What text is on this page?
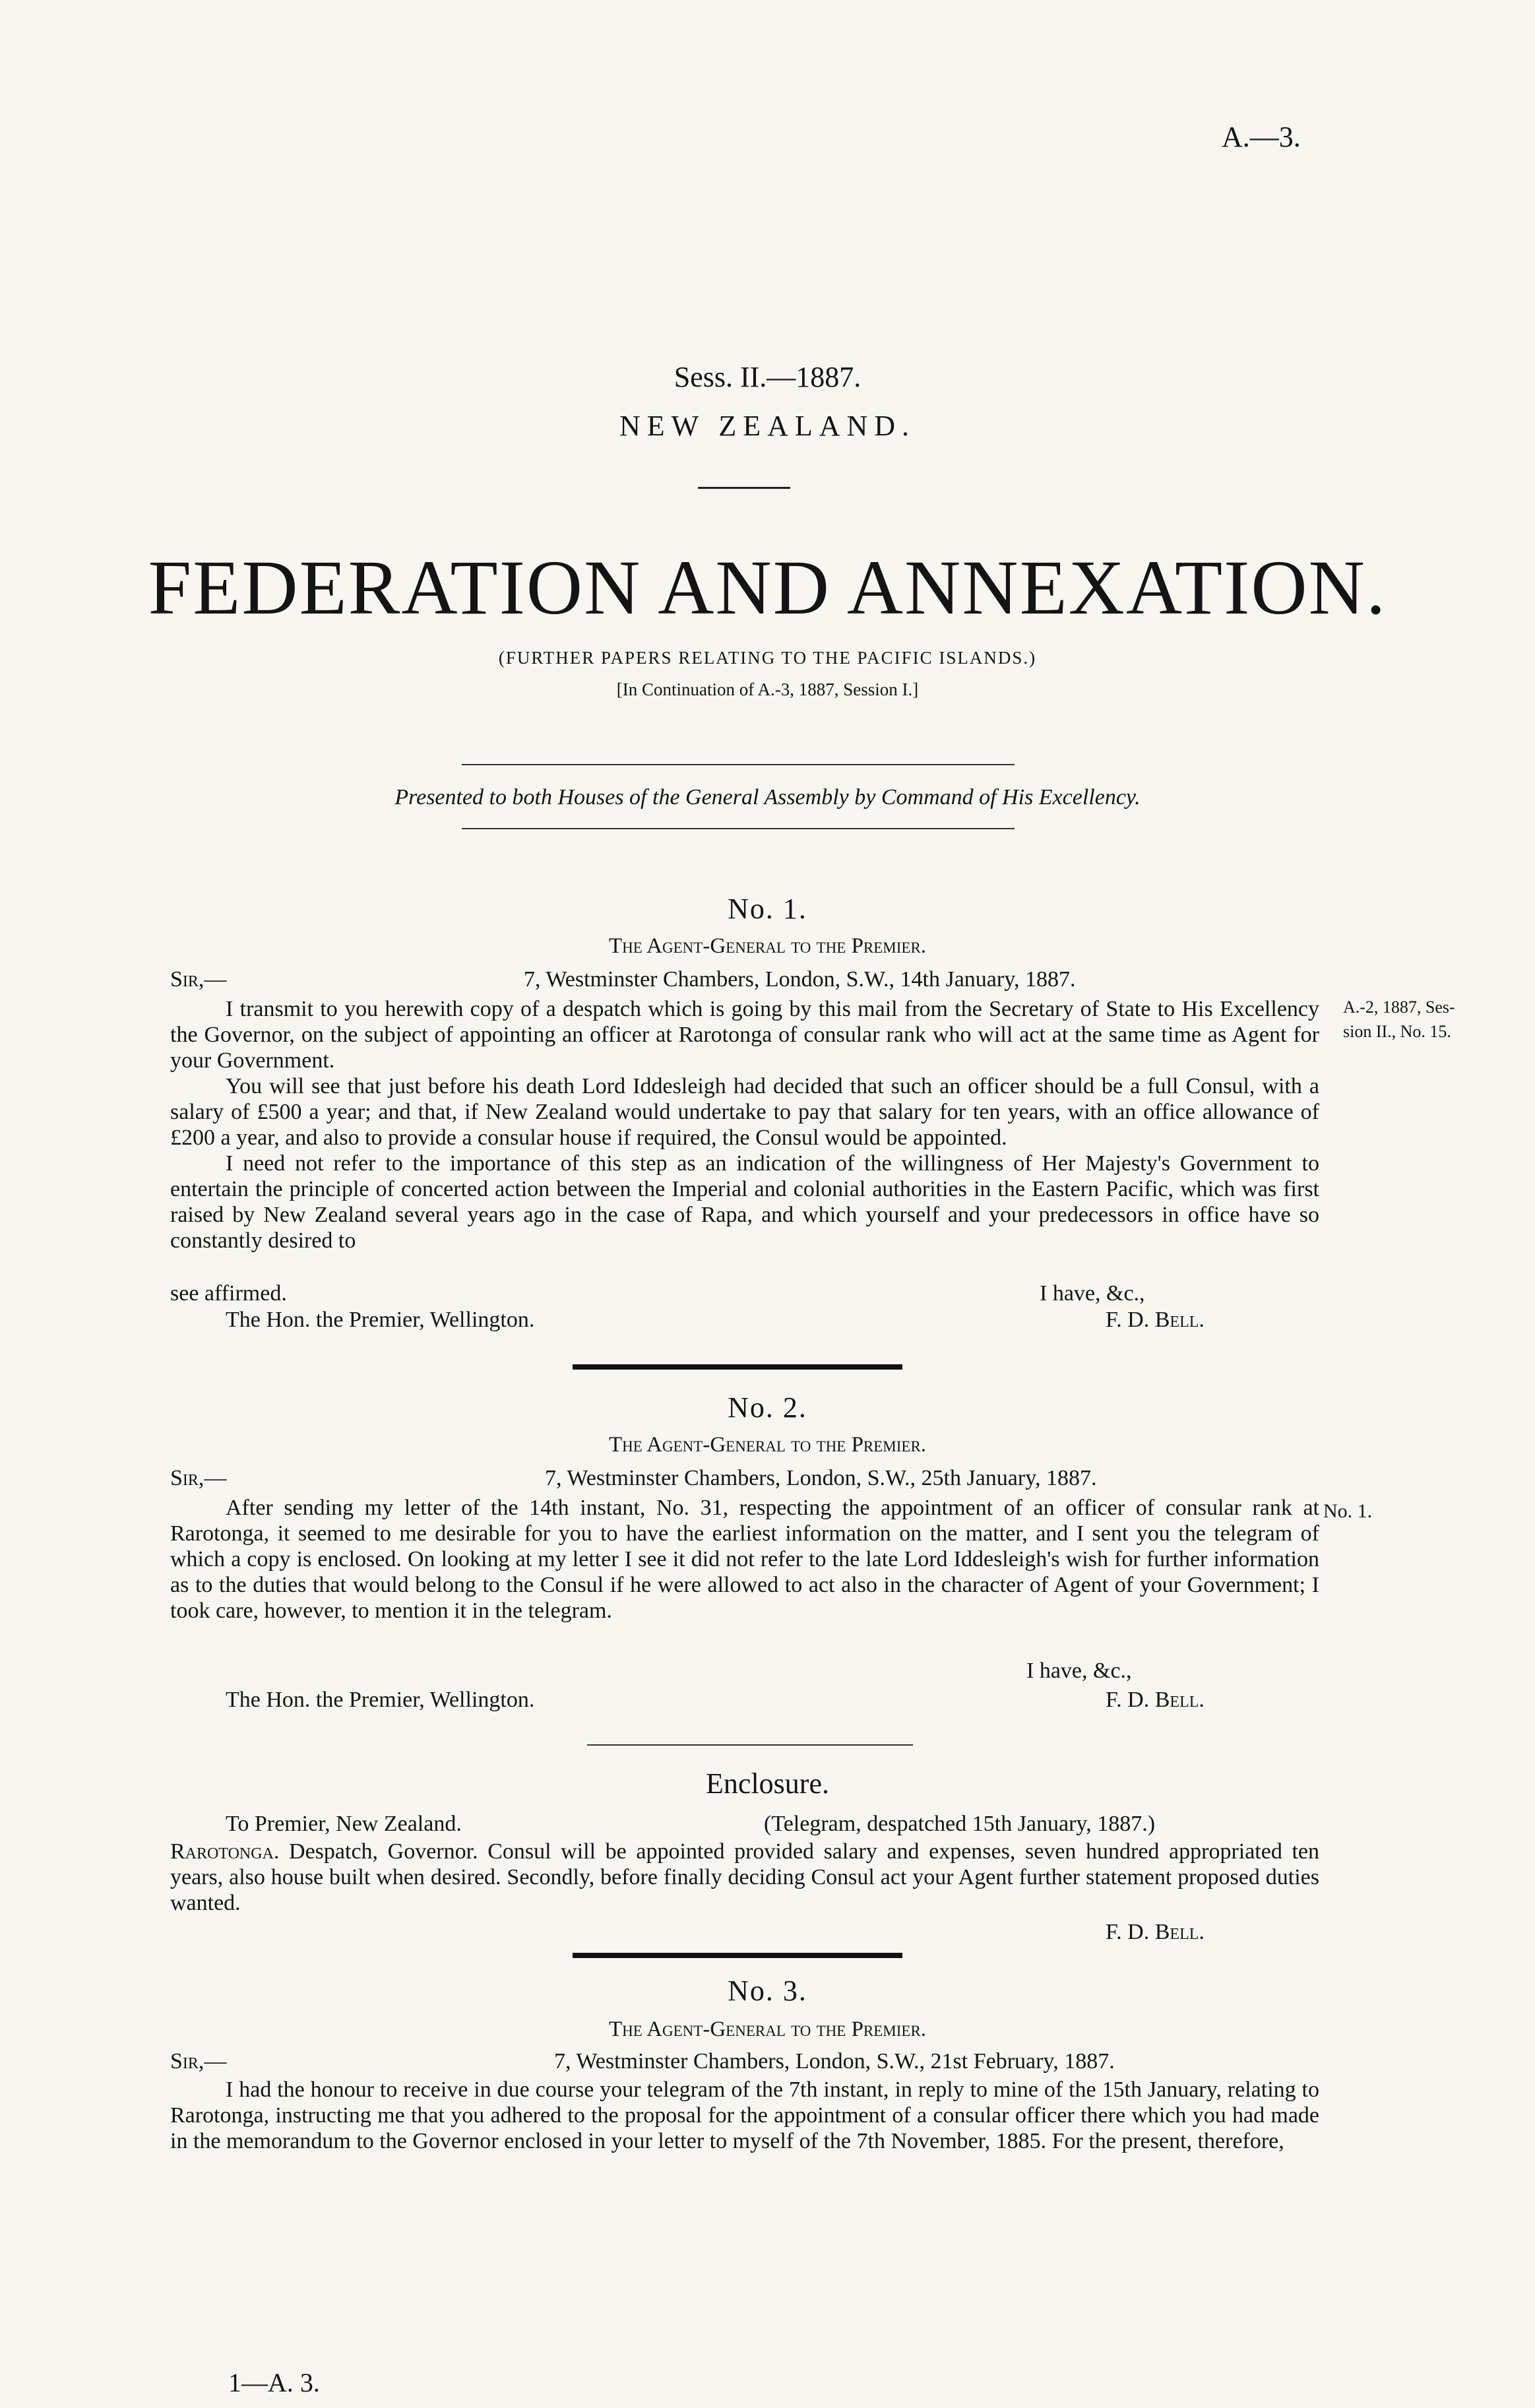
A.—3.
Sess. II.—1887.
NEW ZEALAND.
FEDERATION AND ANNEXATION.
(FURTHER PAPERS RELATING TO THE PACIFIC ISLANDS.)
[In Continuation of A.-3, 1887, Session I.]
Presented to both Houses of the General Assembly by Command of His Excellency.
No. 1.
The Agent-General to the Premier.
Sir,—	7, Westminster Chambers, London, S.W., 14th January, 1887.

I transmit to you herewith copy of a despatch which is going by this mail from the Secretary of State to His Excellency the Governor, on the subject of appointing an officer at Rarotonga of consular rank who will act at the same time as Agent for your Government.

You will see that just before his death Lord Iddesleigh had decided that such an officer should be a full Consul, with a salary of £500 a year; and that, if New Zealand would undertake to pay that salary for ten years, with an office allowance of £200 a year, and also to provide a consular house if required, the Consul would be appointed.

I need not refer to the importance of this step as an indication of the willingness of Her Majesty's Government to entertain the principle of concerted action between the Imperial and colonial authorities in the Eastern Pacific, which was first raised by New Zealand several years ago in the case of Rapa, and which yourself and your predecessors in office have so constantly desired to

A.-2, 1887, Ses-
sion II., No. 15.
see affirmed.	I have, &c.,
The Hon. the Premier, Wellington.	F. D. Bell.
No. 2.
The Agent-General to the Premier.
Sir,—	7, Westminster Chambers, London, S.W., 25th January, 1887.

After sending my letter of the 14th instant, No. 31, respecting the appointment of an officer of consular rank at Rarotonga, it seemed to me desirable for you to have the earliest information on the matter, and I sent you the telegram of which a copy is enclosed. On looking at my letter I see it did not refer to the late Lord Iddesleigh's wish for further information as to the duties that would belong to the Consul if he were allowed to act also in the character of Agent of your Government; I took care, however, to mention it in the telegram.

No. 1.
I have, &c.,
The Hon. the Premier, Wellington.	F. D. Bell.
Enclosure.
To Premier, New Zealand.	(Telegram, despatched 15th January, 1887.)

Rarotonga. Despatch, Governor. Consul will be appointed provided salary and expenses, seven hundred appropriated ten years, also house built when desired. Secondly, before finally deciding Consul act your Agent further statement proposed duties wanted.

F. D. Bell.
No. 3.
The Agent-General to the Premier.
Sir,—	7, Westminster Chambers, London, S.W., 21st February, 1887.

I had the honour to receive in due course your telegram of the 7th instant, in reply to mine of the 15th January, relating to Rarotonga, instructing me that you adhered to the proposal for the appointment of a consular officer there which you had made in the memorandum to the Governor enclosed in your letter to myself of the 7th November, 1885. For the present, therefore,

1—A. 3.
